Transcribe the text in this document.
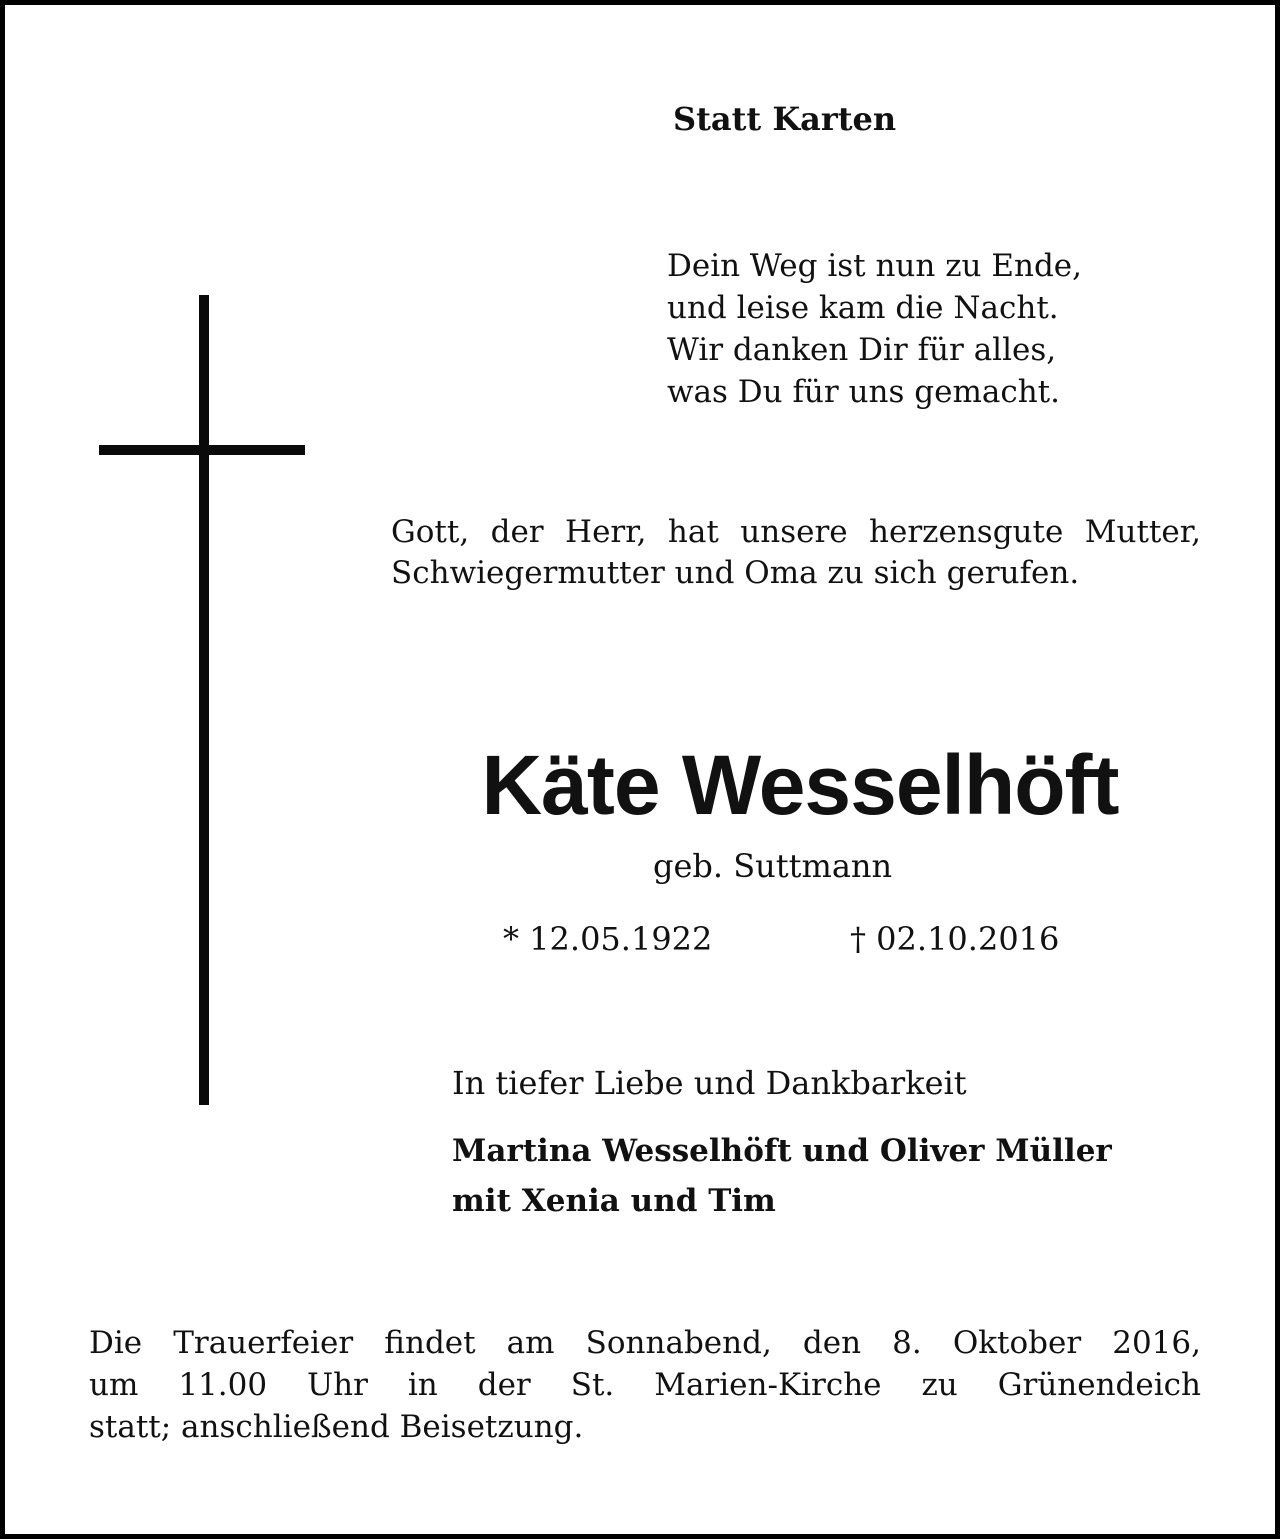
Statt Karten

Dein Weg ist nun zu Ende,
und leise kam die Nacht.
Wir danken Dir für alles,
was Du für uns gemacht.

Gott, der Herr, hat unsere herzensgute Mutter, Schwiegermutter und Oma zu sich gerufen.

Käte Wesselhöft

geb. Suttmann

* 12.05.1922	† 02.10.2016

In tiefer Liebe und Dankbarkeit

Martina Wesselhöft und Oliver Müller
mit Xenia und Tim
Die Trauerfeier findet am Sonnabend, den 8. Oktober 2016,
um 11.00 Uhr in der St. Marien-Kirche zu Grünendeich
statt; anschließend Beisetzung.
